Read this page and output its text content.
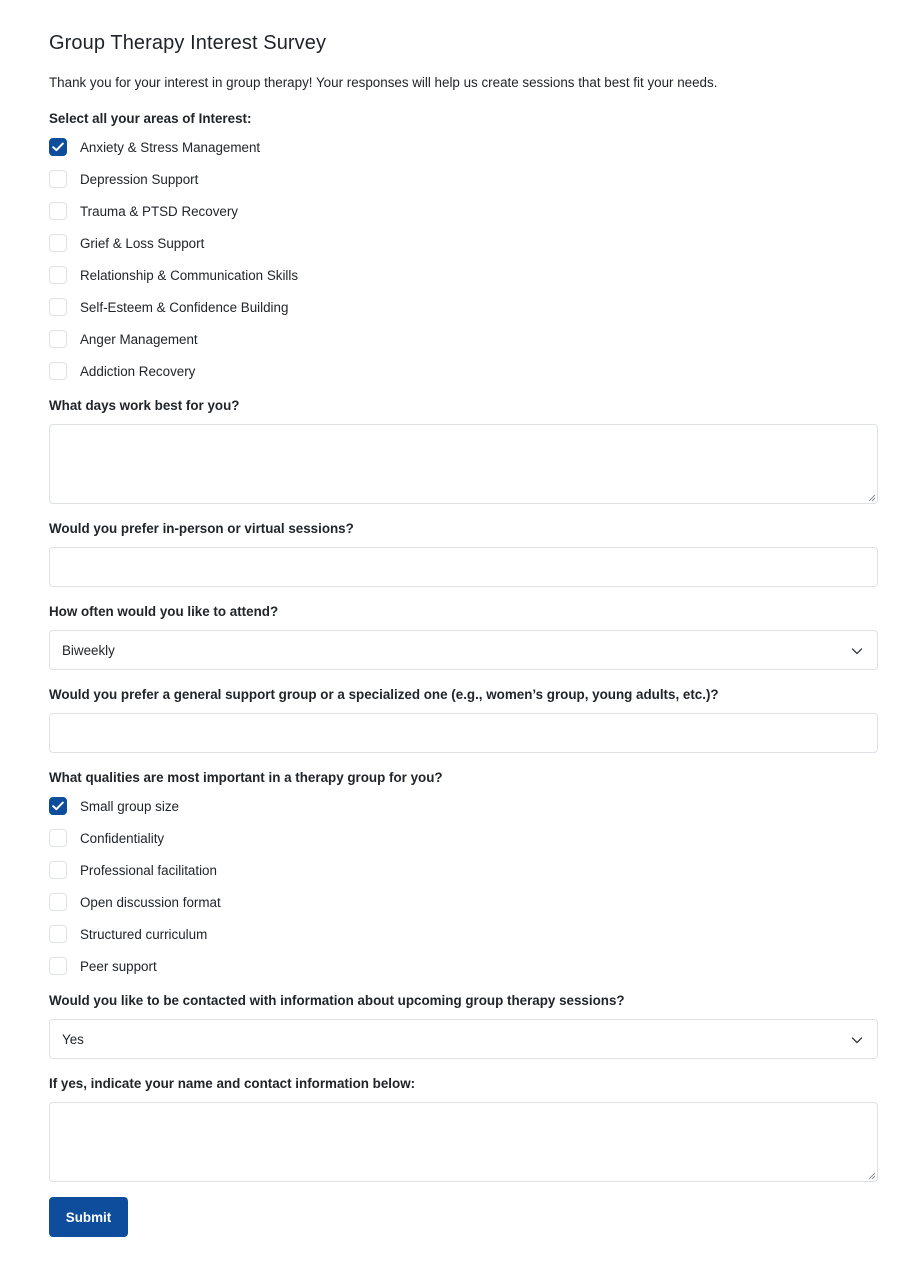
Group Therapy Interest Survey

Thank you for your interest in group therapy! Your responses will help us create sessions that best fit your needs.

Select all your areas of Interest:
Anxiety & Stress Management
Depression Support
Trauma & PTSD Recovery
Grief & Loss Support
Relationship & Communication Skills
Self-Esteem & Confidence Building
Anger Management
Addiction Recovery
What days work best for you?
Would you prefer in-person or virtual sessions?
How often would you like to attend?
Biweekly
Would you prefer a general support group or a specialized one (e.g., women’s group, young adults, etc.)?
What qualities are most important in a therapy group for you?
Small group size
Confidentiality
Professional facilitation
Open discussion format
Structured curriculum
Peer support
Would you like to be contacted with information about upcoming group therapy sessions?
Yes
If yes, indicate your name and contact information below:
Submit
